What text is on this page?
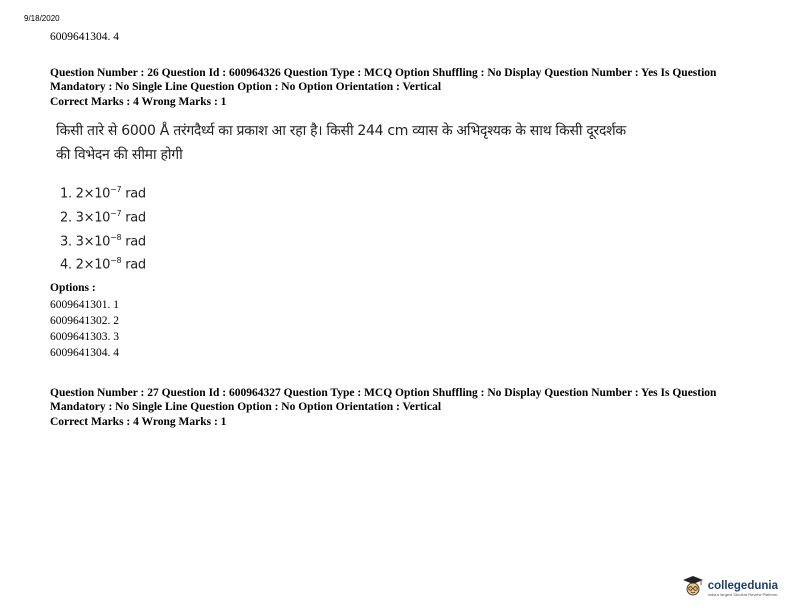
9/18/2020
6009641304. 4
Question Number : 26 Question Id : 600964326 Question Type : MCQ Option Shuffling : No Display Question Number : Yes Is Question
Mandatory : No Single Line Question Option : No Option Orientation : Vertical
Correct Marks : 4 Wrong Marks : 1
किसी तारे से 6000 Å तरंगदैर्ध्य का प्रकाश आ रहा है। किसी 244 cm व्यास के अभिदृश्यक के साथ किसी दूरदर्शक
की विभेदन की सीमा होगी
1. $2\times 10^{-7}$ rad
2. $3\times 10^{-7}$ rad
3. $3\times 10^{-8}$ rad
4. $2\times 10^{-8}$ rad
Options :
6009641301. 1
6009641302. 2
6009641303. 3
6009641304. 4
Question Number : 27 Question Id : 600964327 Question Type : MCQ Option Shuffling : No Display Question Number : Yes Is Question
Mandatory : No Single Line Question Option : No Option Orientation : Vertical
Correct Marks : 4 Wrong Marks : 1
collegedunia
India's largest Student Review Platform
